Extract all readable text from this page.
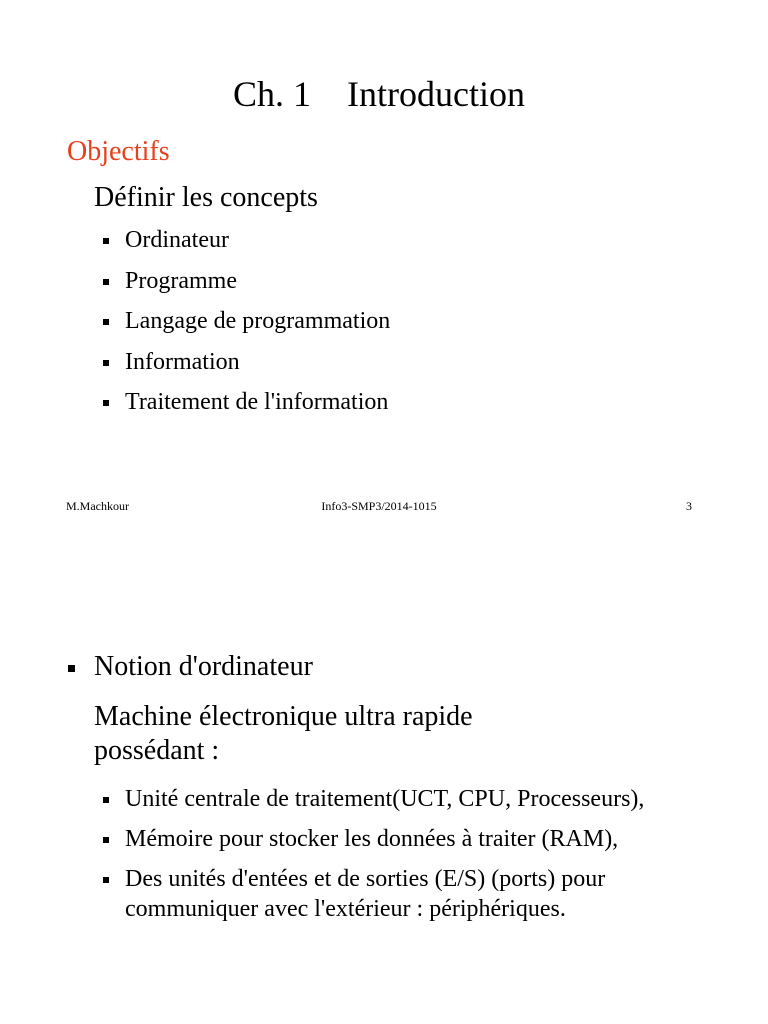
Ch. 1    Introduction
Objectifs
Définir les concepts
Ordinateur
Programme
Langage de programmation
Information
Traitement de l'information
M.Machkour	Info3-SMP3/2014-1015	3
Notion d'ordinateur
Machine électronique ultra rapide
possédant :
Unité centrale de traitement(UCT, CPU, Processeurs),
Mémoire pour stocker les données à traiter (RAM),
Des unités d'entées et de sorties (E/S) (ports) pour communiquer avec l'extérieur : périphériques.
